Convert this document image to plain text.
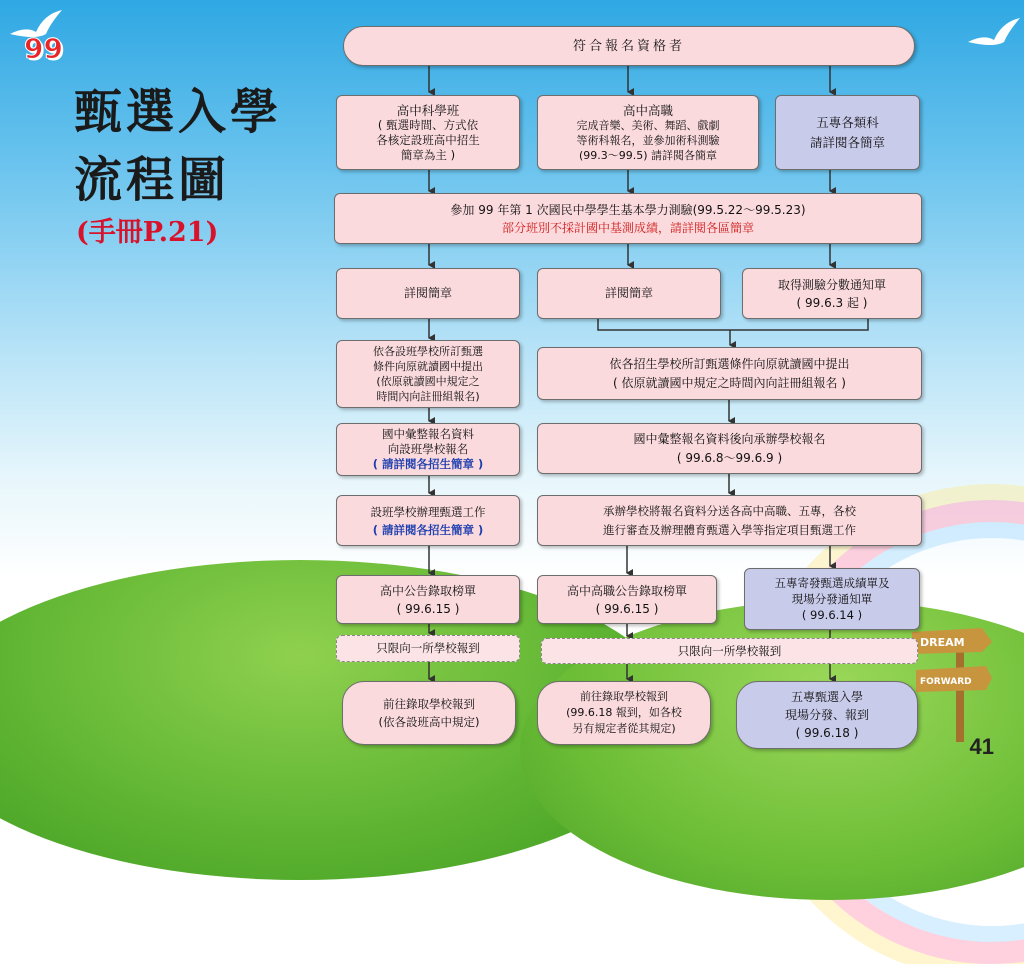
99
甄選入學
流程圖
(手冊P.21)
DREAM
FORWARD
符合報名資格者
高中科學班
( 甄選時間、方式依
各核定設班高中招生
簡章為主 )
高中高職
完成音樂、美術、舞蹈、戲劇
等術科報名，並參加術科測驗
(99.3～99.5) 請詳閱各簡章
五專各類科
請詳閱各簡章
參加 99 年第 1 次國民中學學生基本學力測驗(99.5.22～99.5.23)
部分班別不採計國中基測成績，請詳閱各區簡章
詳閱簡章	詳閱簡章
取得測驗分數通知單
( 99.6.3 起 )
依各設班學校所訂甄選
條件向原就讀國中提出
(依原就讀國中規定之
時間內向註冊組報名)
依各招生學校所訂甄選條件向原就讀國中提出
( 依原就讀國中規定之時間內向註冊組報名 )
國中彙整報名資料
向設班學校報名
( 請詳閱各招生簡章 )
國中彙整報名資料後向承辦學校報名
( 99.6.8～99.6.9 )
設班學校辦理甄選工作
( 請詳閱各招生簡章 )
承辦學校將報名資料分送各高中高職、五專，各校
進行審查及辦理體育甄選入學等指定項目甄選工作
高中公告錄取榜單
( 99.6.15 )
高中高職公告錄取榜單
( 99.6.15 )
五專寄發甄選成績單及
現場分發通知單
( 99.6.14 )
只限向一所學校報到	只限向一所學校報到
前往錄取學校報到
(依各設班高中規定)
前往錄取學校報到
(99.6.18 報到，如各校
另有規定者從其規定)
五專甄選入學
現場分發、報到
( 99.6.18 )
41
